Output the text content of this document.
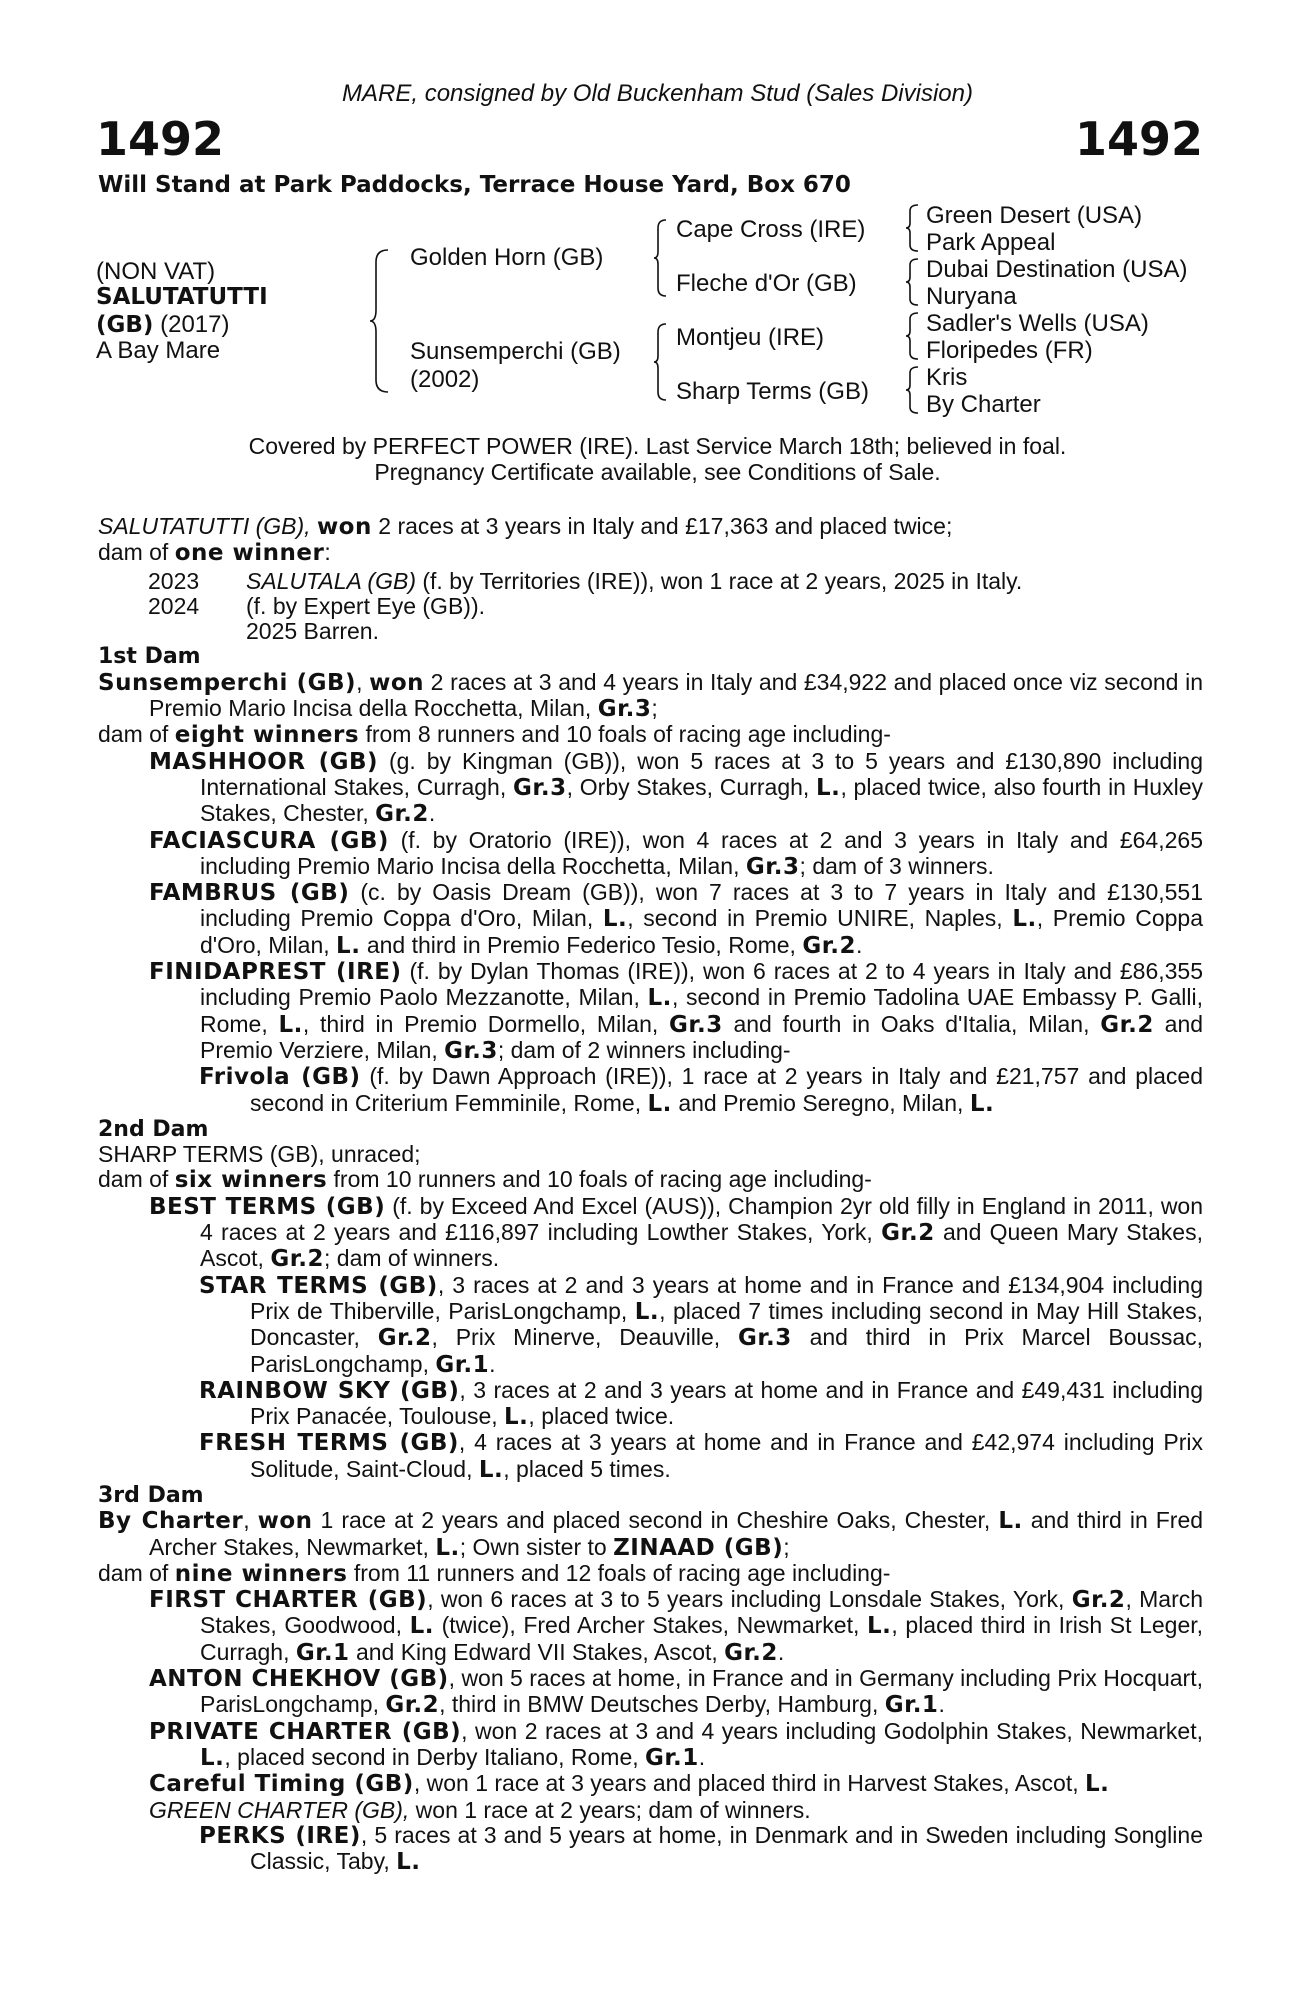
MARE, consigned by Old Buckenham Stud (Sales Division)
1492	1492
Will Stand at Park Paddocks, Terrace House Yard, Box 670
(NON VAT)
SALUTATUTTI
(GB) (2017)
A Bay Mare
Golden Horn (GB)
Sunsemperchi (GB)
(2002)
Cape Cross (IRE)
Fleche d'Or (GB)
Montjeu (IRE)
Sharp Terms (GB)
Green Desert (USA)
Park Appeal
Dubai Destination (USA)
Nuryana
Sadler's Wells (USA)
Floripedes (FR)
Kris
By Charter
Covered by PERFECT POWER (IRE). Last Service March 18th; believed in foal.
Pregnancy Certificate available, see Conditions of Sale.

SALUTATUTTI (GB), won 2 races at 3 years in Italy and £17,363 and placed twice;

dam of one winner:

2023	SALUTALA (GB) (f. by Territories (IRE)), won 1 race at 2 years, 2025 in Italy.
2024	(f. by Expert Eye (GB)).
2025 Barren.

1st Dam

Sunsemperchi (GB), won 2 races at 3 and 4 years in Italy and £34,922 and placed once viz second in Premio Mario Incisa della Rocchetta, Milan, Gr.3;

dam of eight winners from 8 runners and 10 foals of racing age including-

MASHHOOR (GB) (g. by Kingman (GB)), won 5 races at 3 to 5 years and £130,890 including International Stakes, Curragh, Gr.3, Orby Stakes, Curragh, L., placed twice, also fourth in Huxley Stakes, Chester, Gr.2.

FACIASCURA (GB) (f. by Oratorio (IRE)), won 4 races at 2 and 3 years in Italy and £64,265 including Premio Mario Incisa della Rocchetta, Milan, Gr.3; dam of 3 winners.

FAMBRUS (GB) (c. by Oasis Dream (GB)), won 7 races at 3 to 7 years in Italy and £130,551 including Premio Coppa d'Oro, Milan, L., second in Premio UNIRE, Naples, L., Premio Coppa d'Oro, Milan, L. and third in Premio Federico Tesio, Rome, Gr.2.

FINIDAPREST (IRE) (f. by Dylan Thomas (IRE)), won 6 races at 2 to 4 years in Italy and £86,355 including Premio Paolo Mezzanotte, Milan, L., second in Premio Tadolina UAE Embassy P. Galli, Rome, L., third in Premio Dormello, Milan, Gr.3 and fourth in Oaks d'Italia, Milan, Gr.2 and Premio Verziere, Milan, Gr.3; dam of 2 winners including-

Frivola (GB) (f. by Dawn Approach (IRE)), 1 race at 2 years in Italy and £21,757 and placed second in Criterium Femminile, Rome, L. and Premio Seregno, Milan, L.

2nd Dam

SHARP TERMS (GB), unraced;

dam of six winners from 10 runners and 10 foals of racing age including-

BEST TERMS (GB) (f. by Exceed And Excel (AUS)), Champion 2yr old filly in England in 2011, won 4 races at 2 years and £116,897 including Lowther Stakes, York, Gr.2 and Queen Mary Stakes, Ascot, Gr.2; dam of winners.

STAR TERMS (GB), 3 races at 2 and 3 years at home and in France and £134,904 including Prix de Thiberville, ParisLongchamp, L., placed 7 times including second in May Hill Stakes, Doncaster, Gr.2, Prix Minerve, Deauville, Gr.3 and third in Prix Marcel Boussac, ParisLongchamp, Gr.1.

RAINBOW SKY (GB), 3 races at 2 and 3 years at home and in France and £49,431 including Prix Panacée, Toulouse, L., placed twice.

FRESH TERMS (GB), 4 races at 3 years at home and in France and £42,974 including Prix Solitude, Saint-Cloud, L., placed 5 times.

3rd Dam

By Charter, won 1 race at 2 years and placed second in Cheshire Oaks, Chester, L. and third in Fred Archer Stakes, Newmarket, L.; Own sister to ZINAAD (GB);

dam of nine winners from 11 runners and 12 foals of racing age including-

FIRST CHARTER (GB), won 6 races at 3 to 5 years including Lonsdale Stakes, York, Gr.2, March Stakes, Goodwood, L. (twice), Fred Archer Stakes, Newmarket, L., placed third in Irish St Leger, Curragh, Gr.1 and King Edward VII Stakes, Ascot, Gr.2.

ANTON CHEKHOV (GB), won 5 races at home, in France and in Germany including Prix Hocquart, ParisLongchamp, Gr.2, third in BMW Deutsches Derby, Hamburg, Gr.1.

PRIVATE CHARTER (GB), won 2 races at 3 and 4 years including Godolphin Stakes, Newmarket, L., placed second in Derby Italiano, Rome, Gr.1.

Careful Timing (GB), won 1 race at 3 years and placed third in Harvest Stakes, Ascot, L.

GREEN CHARTER (GB), won 1 race at 2 years; dam of winners.

PERKS (IRE), 5 races at 3 and 5 years at home, in Denmark and in Sweden including Songline Classic, Taby, L.
